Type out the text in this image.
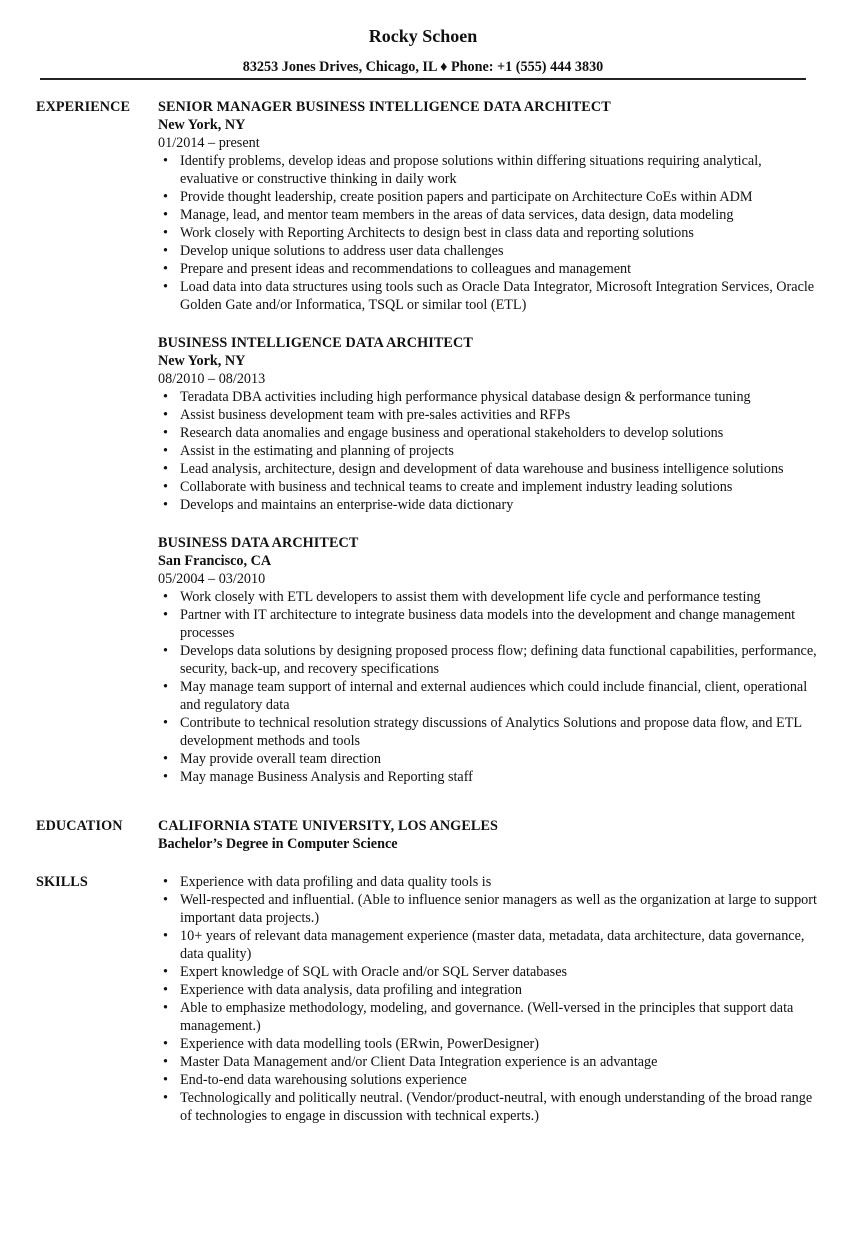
Rocky Schoen
83253 Jones Drives, Chicago, IL ♦ Phone: +1 (555) 444 3830
EXPERIENCE SENIOR MANAGER BUSINESS INTELLIGENCE DATA ARCHITECT
New York, NY
01/2014 – present
• Identify problems, develop ideas and propose solutions within differing situations requiring analytical, evaluative or constructive thinking in daily work
• Provide thought leadership, create position papers and participate on Architecture CoEs within ADM
• Manage, lead, and mentor team members in the areas of data services, data design, data modeling
• Work closely with Reporting Architects to design best in class data and reporting solutions
• Develop unique solutions to address user data challenges
• Prepare and present ideas and recommendations to colleagues and management
• Load data into data structures using tools such as Oracle Data Integrator, Microsoft Integration Services, Oracle Golden Gate and/or Informatica, TSQL or similar tool (ETL)
BUSINESS INTELLIGENCE DATA ARCHITECT
New York, NY
08/2010 – 08/2013
• Teradata DBA activities including high performance physical database design & performance tuning
• Assist business development team with pre-sales activities and RFPs
• Research data anomalies and engage business and operational stakeholders to develop solutions
• Assist in the estimating and planning of projects
• Lead analysis, architecture, design and development of data warehouse and business intelligence solutions
• Collaborate with business and technical teams to create and implement industry leading solutions
• Develops and maintains an enterprise-wide data dictionary
BUSINESS DATA ARCHITECT
San Francisco, CA
05/2004 – 03/2010
• Work closely with ETL developers to assist them with development life cycle and performance testing
• Partner with IT architecture to integrate business data models into the development and change management processes
• Develops data solutions by designing proposed process flow; defining data functional capabilities, performance, security, back-up, and recovery specifications
• May manage team support of internal and external audiences which could include financial, client, operational and regulatory data
• Contribute to technical resolution strategy discussions of Analytics Solutions and propose data flow, and ETL development methods and tools
• May provide overall team direction
• May manage Business Analysis and Reporting staff
EDUCATION CALIFORNIA STATE UNIVERSITY, LOS ANGELES
Bachelor’s Degree in Computer Science
SKILLS	• Experience with data profiling and data quality tools is
• Well-respected and influential. (Able to influence senior managers as well as the organization at large to support important data projects.)
• 10+ years of relevant data management experience (master data, metadata, data architecture, data governance, data quality)
• Expert knowledge of SQL with Oracle and/or SQL Server databases
• Experience with data analysis, data profiling and integration
• Able to emphasize methodology, modeling, and governance. (Well-versed in the principles that support data management.)
• Experience with data modelling tools (ERwin, PowerDesigner)
• Master Data Management and/or Client Data Integration experience is an advantage
• End-to-end data warehousing solutions experience
• Technologically and politically neutral. (Vendor/product-neutral, with enough understanding of the broad range of technologies to engage in discussion with technical experts.)
